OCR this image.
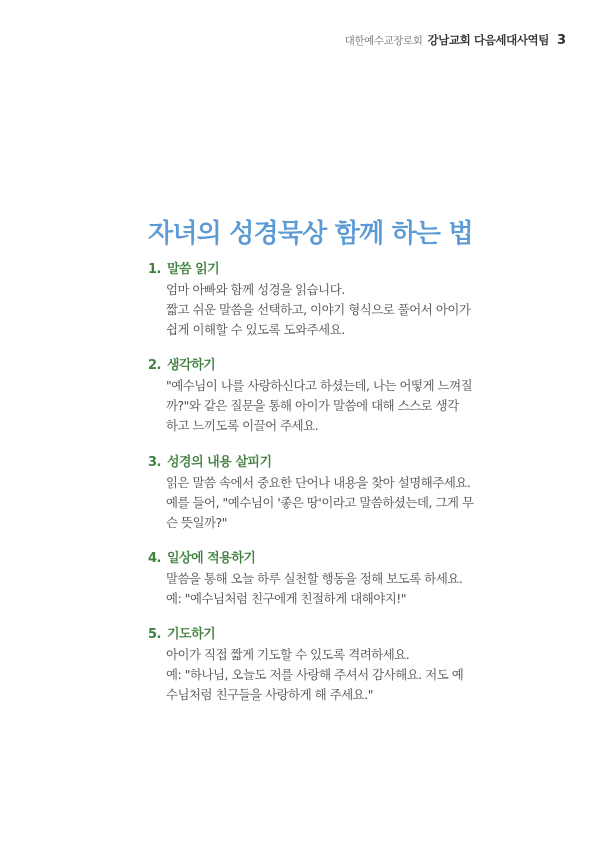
대한예수교장로회 강남교회 다음세대사역팀 3
자녀의 성경묵상 함께 하는 법
1. 말씀 읽기

엄마 아빠와 함께 성경을 읽습니다.

짧고 쉬운 말씀을 선택하고, 이야기 형식으로 풀어서 아이가

쉽게 이해할 수 있도록 도와주세요.

2. 생각하기

"예수님이 나를 사랑하신다고 하셨는데, 나는 어떻게 느껴질

까?"와 같은 질문을 통해 아이가 말씀에 대해 스스로 생각

하고 느끼도록 이끌어 주세요.

3. 성경의 내용 살피기

읽은 말씀 속에서 중요한 단어나 내용을 찾아 설명해주세요.

예를 들어, "예수님이 '좋은 땅'이라고 말씀하셨는데, 그게 무

슨 뜻일까?"

4. 일상에 적용하기

말씀을 통해 오늘 하루 실천할 행동을 정해 보도록 하세요.

예: "예수님처럼 친구에게 친절하게 대해야지!"

5. 기도하기

아이가 직접 짧게 기도할 수 있도록 격려하세요.

예: "하나님, 오늘도 저를 사랑해 주셔서 감사해요. 저도 예

수님처럼 친구들을 사랑하게 해 주세요."
